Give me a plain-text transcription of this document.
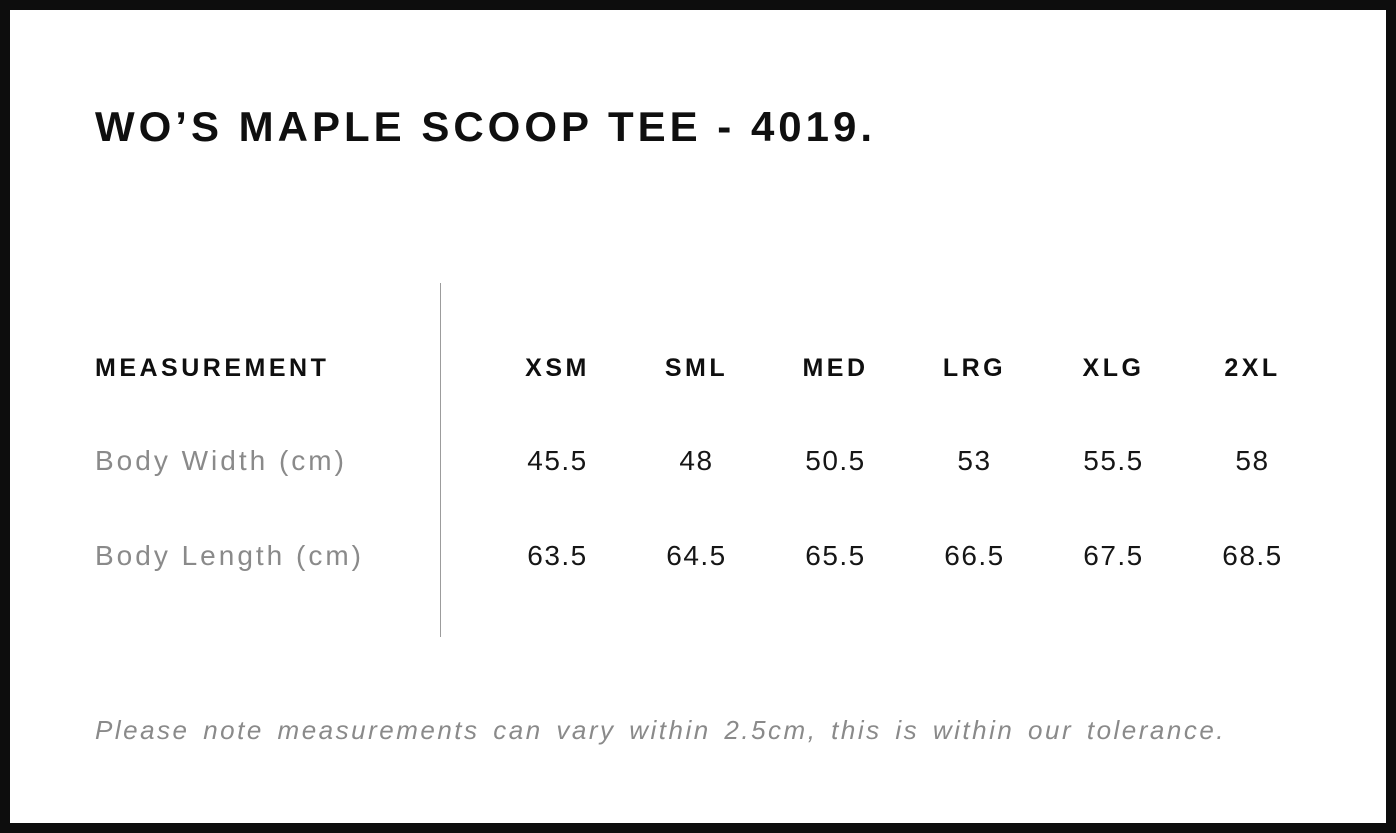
WO’S MAPLE SCOOP TEE - 4019.
MEASUREMENT	XSM	SML	MED	LRG	XLG	2XL
Body Width (cm)	45.5	48	50.5	53	55.5	58
Body Length (cm)	63.5	64.5	65.5	66.5	67.5	68.5

Please note measurements can vary within 2.5cm, this is within our tolerance.
